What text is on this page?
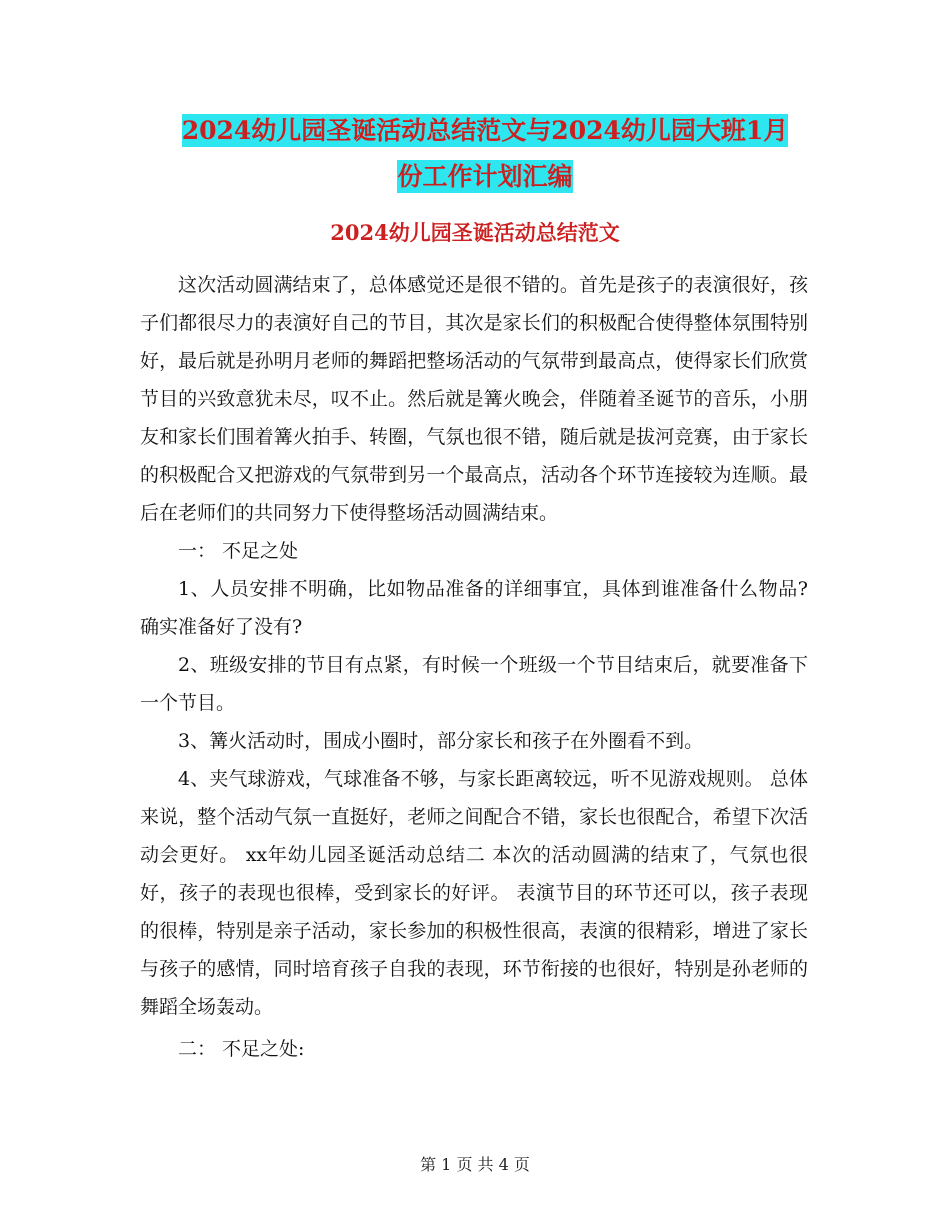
2024幼儿园圣诞活动总结范文与2024幼儿园大班1月
份工作计划汇编
2024幼儿园圣诞活动总结范文

这次活动圆满结束了，总体感觉还是很不错的。首先是孩子的表演很好，孩子们都很尽力的表演好自己的节目，其次是家长们的积极配合使得整体氛围特别好，最后就是孙明月老师的舞蹈把整场活动的气氛带到最高点，使得家长们欣赏节目的兴致意犹未尽，叹不止。然后就是篝火晚会，伴随着圣诞节的音乐，小朋友和家长们围着篝火拍手、转圈，气氛也很不错，随后就是拔河竞赛，由于家长的积极配合又把游戏的气氛带到另一个最高点，活动各个环节连接较为连顺。最后在老师们的共同努力下使得整场活动圆满结束。

一： 不足之处

1、人员安排不明确，比如物品准备的详细事宜，具体到谁准备什么物品?确实准备好了没有?

2、班级安排的节目有点紧，有时候一个班级一个节目结束后，就要准备下一个节目。

3、篝火活动时，围成小圈时，部分家长和孩子在外圈看不到。

4、夹气球游戏，气球准备不够，与家长距离较远，听不见游戏规则。 总体来说，整个活动气氛一直挺好，老师之间配合不错，家长也很配合，希望下次活动会更好。 xx年幼儿园圣诞活动总结二 本次的活动圆满的结束了，气氛也很好，孩子的表现也很棒，受到家长的好评。 表演节目的环节还可以，孩子表现的很棒，特别是亲子活动，家长参加的积极性很高，表演的很精彩，增进了家长与孩子的感情，同时培育孩子自我的表现，环节衔接的也很好，特别是孙老师的舞蹈全场轰动。

二： 不足之处:

第 1 页 共 4 页
